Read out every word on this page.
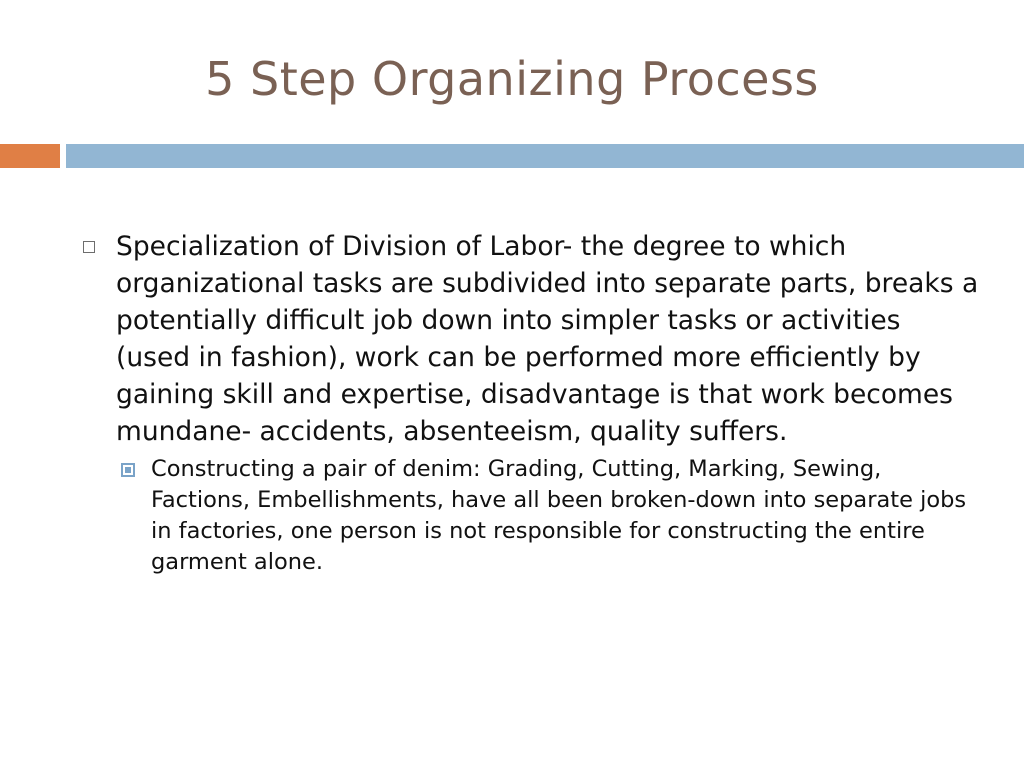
5 Step Organizing Process
Specialization of Division of Labor- the degree to which organizational tasks are subdivided into separate parts, breaks a potentially difficult job down into simpler tasks or activities (used in fashion), work can be performed more efficiently by gaining skill and expertise, disadvantage is that work becomes mundane- accidents, absenteeism, quality suffers.
Constructing a pair of denim: Grading, Cutting, Marking, Sewing, Factions, Embellishments, have all been broken-down into separate jobs in factories, one person is not responsible for constructing the entire garment alone.
